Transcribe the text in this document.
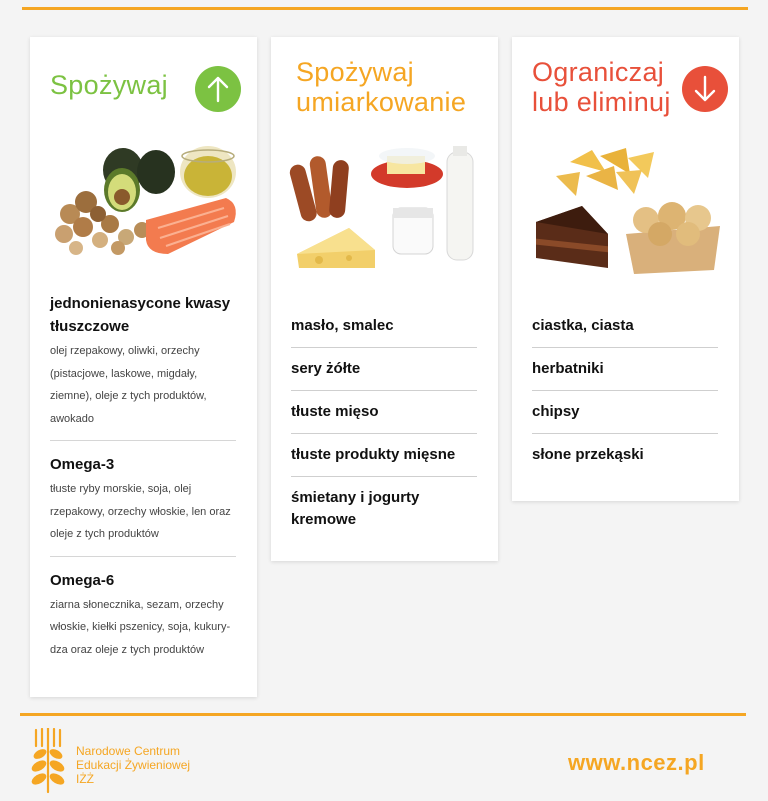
Spożywaj
jednonienasycone kwasy tłuszczowe
olej rzepakowy, oliwki, orzechy (pistacjowe, laskowe, migdały, ziemne), oleje z tych produktów, awokado
Omega-3
tłuste ryby morskie, soja, olej rzepakowy, orzechy włoskie, len oraz oleje z tych produktów
Omega-6
ziarna słonecznika, sezam, orzechy włoskie, kiełki pszenicy, soja, kukury-dza oraz oleje z tych produktów
Spożywaj
umiarkowanie
masło, smalec
sery żółte
tłuste mięso
tłuste produkty mięsne
śmietany i jogurty kremowe
Ograniczaj
lub eliminuj
ciastka, ciasta
herbatniki
chipsy
słone przekąski
Narodowe Centrum
Edukacji Żywieniowej
IŻŻ
www.ncez.pl
